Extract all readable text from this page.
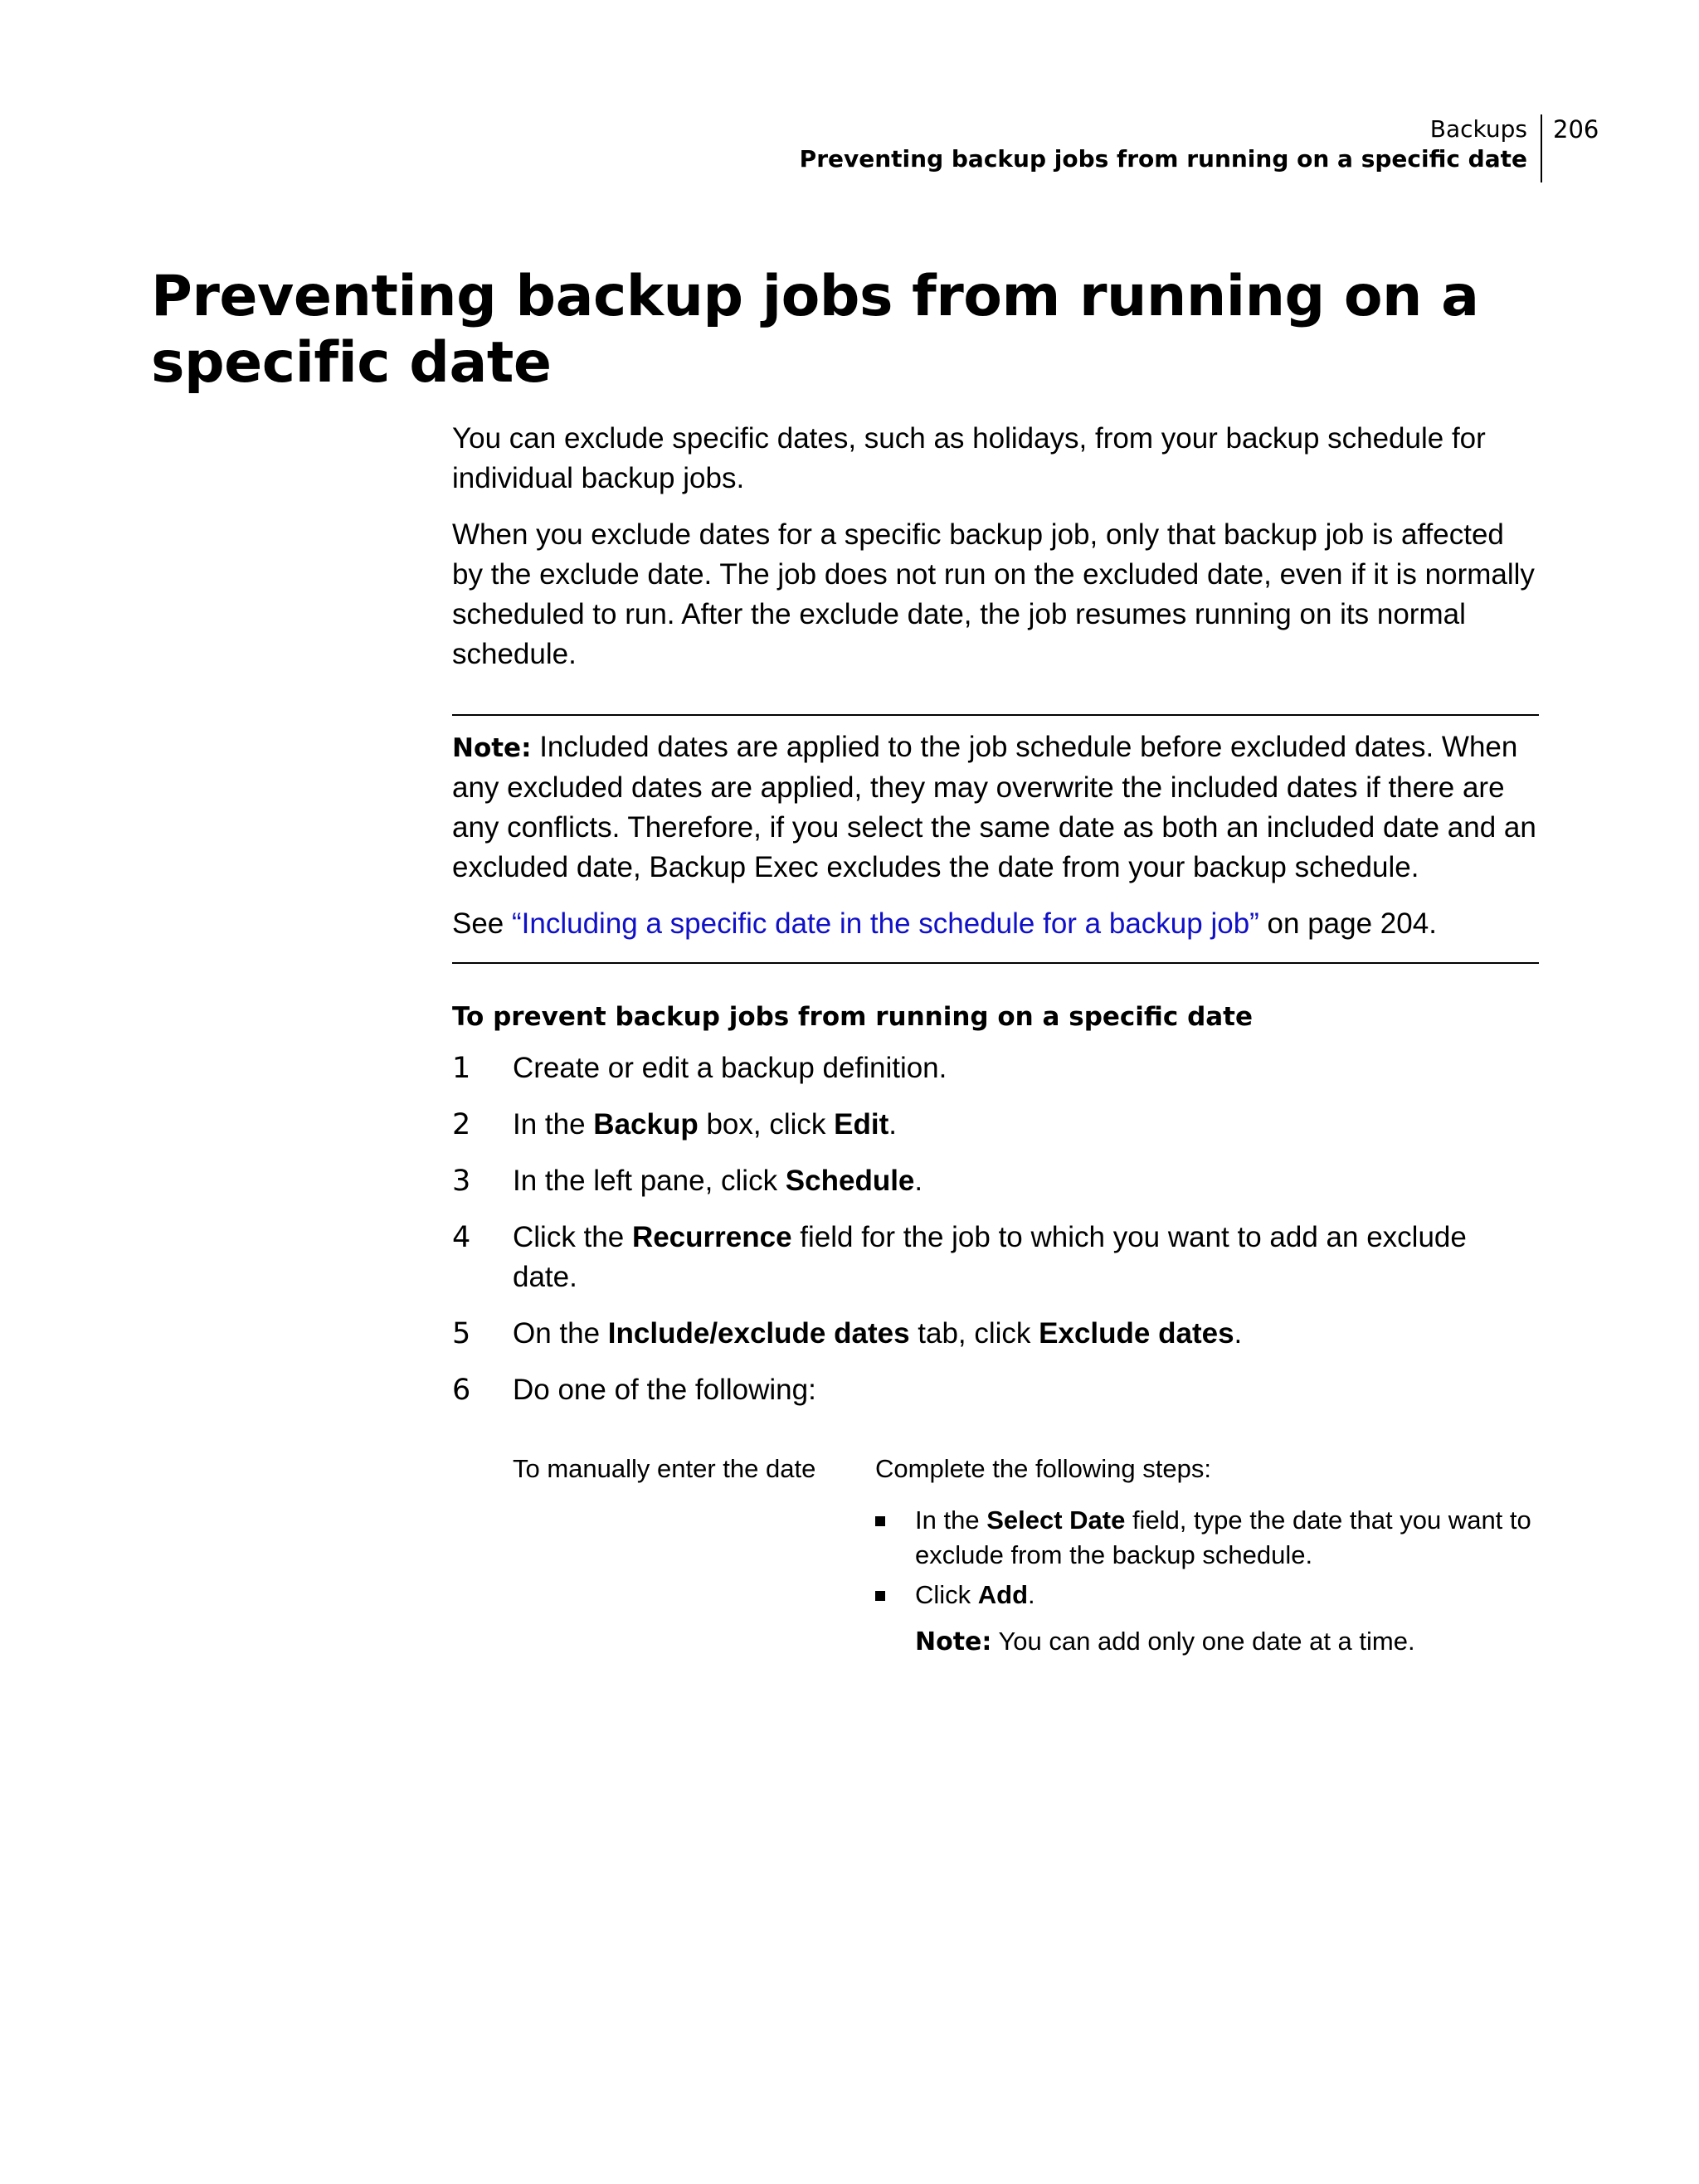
Backups
Preventing backup jobs from running on a specific date
206
Preventing backup jobs from running on a specific date

You can exclude specific dates, such as holidays, from your backup schedule for individual backup jobs.

When you exclude dates for a specific backup job, only that backup job is affected by the exclude date. The job does not run on the excluded date, even if it is normally scheduled to run. After the exclude date, the job resumes running on its normal schedule.

Note: Included dates are applied to the job schedule before excluded dates. When any excluded dates are applied, they may overwrite the included dates if there are any conflicts. Therefore, if you select the same date as both an included date and an excluded date, Backup Exec excludes the date from your backup schedule.

See “Including a specific date in the schedule for a backup job” on page 204.

To prevent backup jobs from running on a specific date
1 Create or edit a backup definition.
2 In the Backup box, click Edit.
3 In the left pane, click Schedule.
4 Click the Recurrence field for the job to which you want to add an exclude date.
5 On the Include/exclude dates tab, click Exclude dates.
6 Do one of the following:
To manually enter the date	Complete the following steps:
In the Select Date field, type the date that you want to exclude from the backup schedule.
Click Add.
Note: You can add only one date at a time.
